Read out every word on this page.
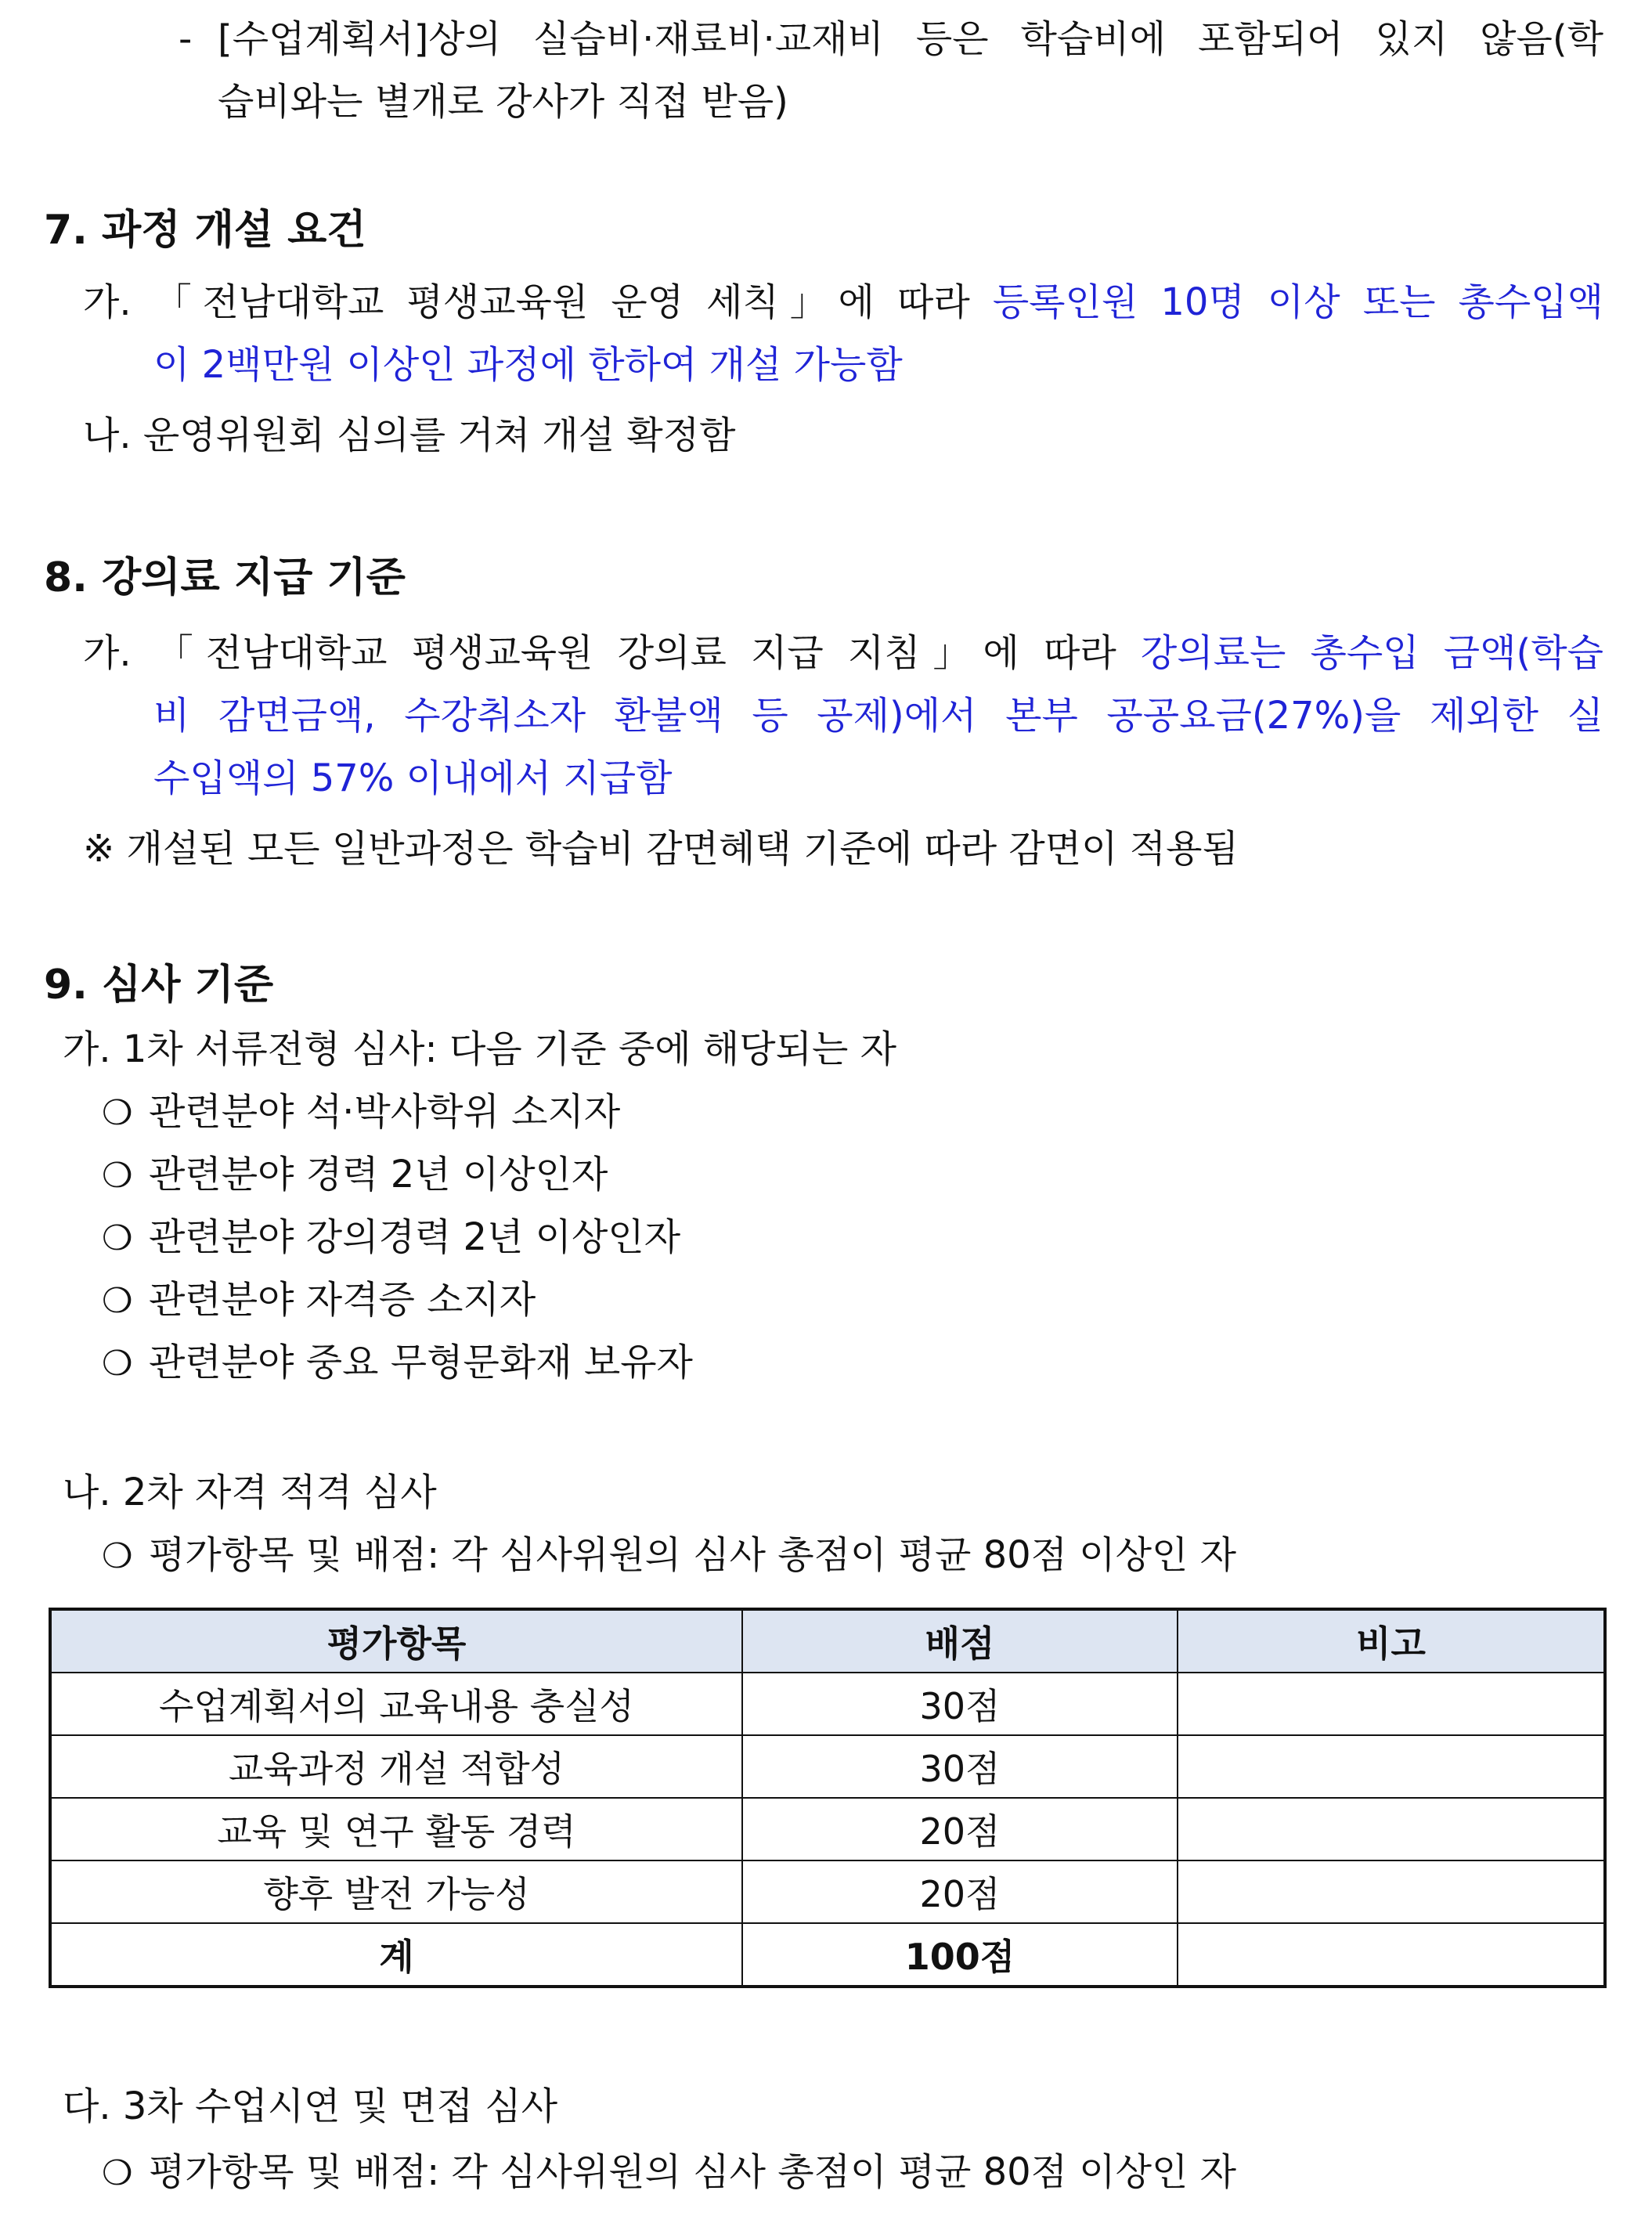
- [수업계획서]상의 실습비·재료비·교재비 등은 학습비에 포함되어 있지 않음(학
습비와는 별개로 강사가 직접 받음)
7. 과정 개설 요건
가. 「전남대학교 평생교육원 운영 세칙」에 따라 등록인원 10명 이상 또는 총수입액
이 2백만원 이상인 과정에 한하여 개설 가능함
나. 운영위원회 심의를 거쳐 개설 확정함
8. 강의료 지급 기준
가. 「전남대학교 평생교육원 강의료 지급 지침」에 따라 강의료는 총수입 금액(학습
비 감면금액, 수강취소자 환불액 등 공제)에서 본부 공공요금(27%)을 제외한 실
수입액의 57% 이내에서 지급함
※ 개설된 모든 일반과정은 학습비 감면혜택 기준에 따라 감면이 적용됨
9. 심사 기준
가. 1차 서류전형 심사: 다음 기준 중에 해당되는 자
❍ 관련분야 석·박사학위 소지자
❍ 관련분야 경력 2년 이상인자
❍ 관련분야 강의경력 2년 이상인자
❍ 관련분야 자격증 소지자
❍ 관련분야 중요 무형문화재 보유자
나. 2차 자격 적격 심사
❍ 평가항목 및 배점: 각 심사위원의 심사 총점이 평균 80점 이상인 자
평가항목	배점	비고
수업계획서의 교육내용 충실성	30점	
교육과정 개설 적합성	30점	
교육 및 연구 활동 경력	20점	
향후 발전 가능성	20점	
계	100점	
다. 3차 수업시연 및 면접 심사
❍ 평가항목 및 배점: 각 심사위원의 심사 총점이 평균 80점 이상인 자
